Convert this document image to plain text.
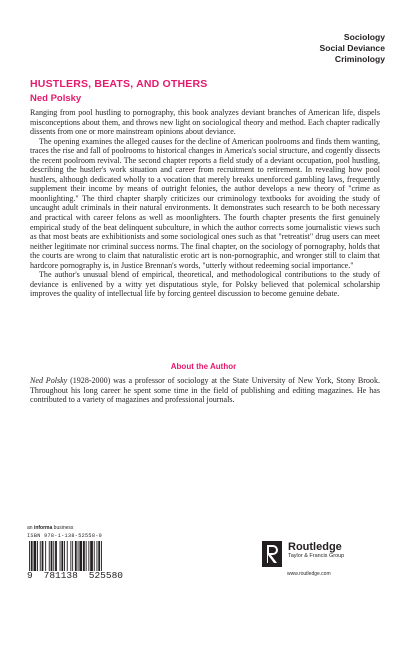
Sociology
Social Deviance
Criminology
HUSTLERS, BEATS, AND OTHERS
Ned Polsky

Ranging from pool hustling to pornography, this book analyzes deviant branches of American life, dispels misconceptions about them, and throws new light on sociological theory and method. Each chapter radically dissents from one or more mainstream opinions about deviance.

The opening examines the alleged causes for the decline of American poolrooms and finds them wanting, traces the rise and fall of poolrooms to historical changes in America's social structure, and cogently dissects the recent poolroom revival. The second chapter reports a field study of a deviant occupation, pool hustling, describing the hustler's work situation and career from recruitment to retirement. In revealing how pool hustlers, although dedicated wholly to a vocation that merely breaks unenforced gambling laws, frequently supplement their income by means of outright felonies, the author develops a new theory of "crime as moonlighting." The third chapter sharply criticizes our criminology textbooks for avoiding the study of uncaught adult criminals in their natural environments. It demonstrates such research to be both necessary and practical with career felons as well as moonlighters. The fourth chapter presents the first genuinely empirical study of the beat delinquent subculture, in which the author corrects some journalistic views such as that most beats are exhibitionists and some sociological ones such as that "retreatist" drug users can meet neither legitimate nor criminal success norms. The final chapter, on the sociology of pornography, holds that the courts are wrong to claim that naturalistic erotic art is non-pornographic, and wronger still to claim that hardcore pornography is, in Justice Brennan's words, "utterly without redeeming social importance."

The author's unusual blend of empirical, theoretical, and methodological contributions to the study of deviance is enlivened by a witty yet disputatious style, for Polsky believed that polemical scholarship improves the quality of intellectual life by forcing genteel discussion to become genuine debate.

About the Author

Ned Polsky (1928-2000) was a professor of sociology at the State University of New York, Stony Brook. Throughout his long career he spent some time in the field of publishing and editing magazines. He has contributed to a variety of magazines and professional journals.

an informa business
ISBN 978-1-138-52558-0
9 781138 525580
Routledge
Taylor & Francis Group
www.routledge.com
